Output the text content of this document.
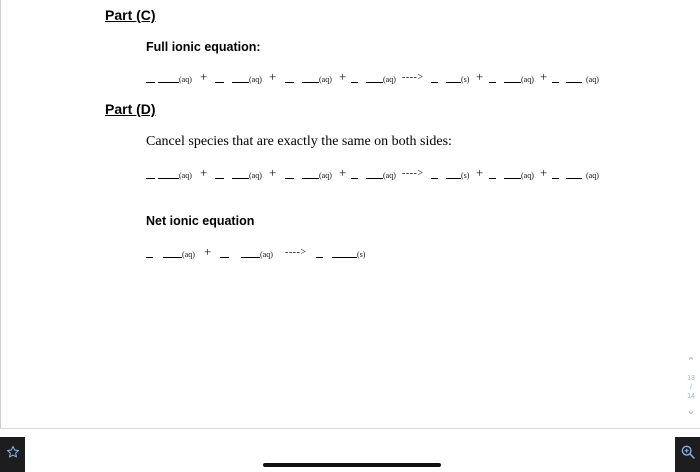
Part (C)
Full ionic equation:
(aq) +	(aq) +	(aq) +	(aq) ---->	(s) +	(aq) +	(aq)
Part (D)
Cancel species that are exactly the same on both sides:
(aq) +	(aq) +	(aq) +	(aq) ---->	(s) +	(aq) +	(aq)
Net ionic equation
(aq) +	(aq) ---->	(s)
⌃
13
/
14
⌄
